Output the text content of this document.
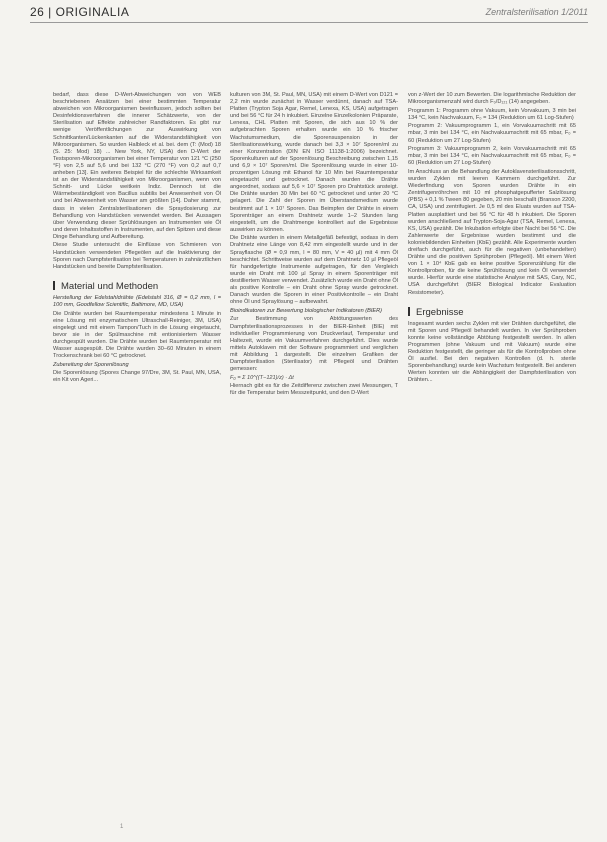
26 | ORIGINALIA	Zentralsterilisation 1/2011

bedarf, dass diese D-Wert-Abweichungen von von WEB beschriebenen Ansätzen bei einer bestimmten Temperatur abweichen von Mikroorganismen beeinflussen, jedoch sollten bei Desinfektionsverfahren die innerer Schätzwerte, von der Sterilisation auf Effekte zahlreicher Randfaktoren. Es gibt nur wenige Veröffentlichungen zur Auswirkung von Schnittkanten/Lückenkanten auf die Widerstandsfähigkeit von Mikroorganismen. So wurden Halbleck et al. bei. dem (T: (Mod) 18 (S. 25: Mod) 18) ... New York, NY, USA) den D-Wert der Testsporen-Mikroorganismen bei einer Temperatur von 121 °C (250 °F) von 2,5 auf 5,6 und bei 132 °C (270 °F) von 0,2 auf 0,7 anheben [13]. Ein weiteres Beispiel für die schlechte Wirksamkeit ist an der Widerstandsfähigkeit von Mikroorganismen, wenn von Schnitt- und Lücke weitkein Indiz. Dennoch ist die Wärmebeständigkeit von Bacillus subtilis bei Anwesenheit von Öl und bei Abwesenheit von Wasser am größten [14]. Daher stammt, dass in vielen Zentralsterilisationen die Spraydosierung zur Behandlung von Handstücken verwendet werden. Bei Aussagen über Verwendung dieser Sprühlösungen an Instrumenten wie Öl und deren Inhaltsstoffen in Instrumenten, auf den Spitzen und diese Dinge Behandlung und Aufbereitung.

Diese Studie untersucht die Einflüsse von Schmieren von Handstücken verwendeten Pflegeölen auf die Inaktivierung der Sporen nach Dampfsterilisation bei Temperaturen in zahnärztlichen Handstücken und bereite Dampfsterilisation.

Material und Methoden

Herstellung der Edelstahldrähte (Edelstahl 316, Ø = 0,2 mm, l = 100 mm, Goodfellow Scientific, Baltimore, MD, USA)

Die Drähte wurden bei Raumtemperatur mindestens 1 Minute in eine Lösung mit enzymatischem Ultraschall-Reiniger, 3M, USA) eingelegt und mit einem Tampon/Tuch in die Lösung eingetaucht, bevor sie in der Spülmaschine mit entionisiertem Wasser durchgespült wurden. Die Drähte wurden bei Raumtemperatur mit Wasser ausgespült. Die Drähte wurden 30–60 Minuten in einem Trockenschrank bei 60 °C getrocknet.

Zubereitung der Sporenlösung

Die Sporenlösung (Spores Change 97/Dre, 3M, St. Paul, MN, USA, ein Kit von Ageri...

kulturen von 3M, St. Paul, MN, USA) mit einem D-Wert von D121 = 2,2 min wurde zunächst in Wasser verdünnt, danach auf TSA-Platten (Trypton Soja Agar, Remel, Lenexa, KS, USA) aufgetragen und bei 56 °C für 24 h inkubiert. Einzelne Einzelkolonien Präparate, Lenexa, CHL Platten mit Sporen, die sich aus 10 % der aufgebrachten Sporen erhalten wurde ein 10 % frischer Wachstumsmedium, die Sporensuspension in der Sterilisationswirkung, wurde danach bei 3,3 × 10⁷ Sporen/ml zu einer Konzentration (DIN EN ISO 11138-1:2006) bezeichnet. Sporenkulturen auf der Sporenlösung Beschreibung zwischen 1,15 und 6,9 × 10⁷ Sporen/ml. Die Sporenlösung wurde in einer 10-prozentigen Lösung mit Ethanol für 10 Min bei Raumtemperatur eingetaucht und getrocknet. Danach wurden die Drähte angeordnet, sodass auf 5,6 × 10⁷ Sporen pro Drahtstück ansteigt. Die Drähte wurden 30 Min bei 60 °C getrocknet und unter 20 °C gelagert. Die Zahl der Sporen im Überstandsmedium wurde bestimmt auf 1 × 10⁷ Sporen. Das Beimpfen der Drähte in einem Sporenträger an einem Drahtnetz wurde 1–2 Stunden lang eingestellt, um die Drahtmenge kontrolliert auf die Ergebnisse auswirken zu können.

Die Drähte wurden in einem Metallgefäß befestigt, sodass in dem Drahtnetz eine Länge von 8,42 mm eingestellt wurde und in der Sprayflasche (Ø = 0,9 mm, l = 80 mm, V = 40 µl) mit 4 mm Öl beschichtet. Schrittweise wurden auf dem Drahtnetz 10 µl Pflegeöl für handgefertigte Instrumente aufgetragen, für den Vergleich wurde ein Draht mit 100 µl Spray in einem Sporenträger mit destilliertem Wasser verwendet. Zusätzlich wurde ein Draht ohne Öl als positive Kontrolle – ein Draht ohne Spray wurde getrocknet. Danach wurden die Sporen in einer Positivkontrolle – ein Draht ohne Öl und Spraylösung – aufbewahrt.

Bioindikatoren zur Bewertung biologischer Indikatoren (BIER)

Zur Bestimmung von Abtötungswerten des Dampfsterilisationsprozesses in der BIER-Einheit (BIE) mit individueller Programmierung von Druckverlauf, Temperatur und Haltezeit, wurde ein Vakuumverfahren durchgeführt. Dies wurde mittels Autoklaven mit der Software programmiert und verglichen mit Abbildung 1 dargestellt. Die einzelnen Grafiken der Dampfsterilisation (Sterilisator) mit Pflegeöl und Drähten gemessen:

F₀ = Σ 10^((T−121)/z) · Δt

Hiernach gibt es für die Zeitdifferenz zwischen zwei Messungen, T für die Temperatur beim Messzeitpunkt, und den D-Wert

von z-Wert der 10 zum Bewerten. Die logarithmische Reduktion der Mikroorganismenzahl wird durch F₀/D₁₂₁ (14) angegeben.

Programm 1: Programm ohne Vakuum, kein Vorvakuum, 3 min bei 134 °C, kein Nachvakuum, F₀ = 134 (Reduktion um 61 Log-Stufen)

Programm 2: Vakuumprogramm 1, ein Vorvakuumschritt mit 65 mbar, 3 min bei 134 °C, ein Nachvakuumschritt mit 65 mbar, F₀ = 60 (Reduktion um 27 Log-Stufen)

Programm 3: Vakuumprogramm 2, kein Vorvakuumschritt mit 65 mbar, 3 min bei 134 °C, ein Nachvakuumschritt mit 65 mbar, F₀ = 60 (Reduktion um 27 Log-Stufen)

Im Anschluss an die Behandlung der Autoklavensterilisationsschritt, wurden Zyklen mit leeren Kammern durchgeführt. Zur Wiederfindung von Sporen wurden Drähte in ein Zentrifugenröhrchen mit 10 ml phosphatgepufferter Salzlösung (PBS) + 0,1 % Tween 80 gegeben, 20 min beschallt (Branson 2200, CA, USA) und zentrifugiert. Je 0,5 ml des Eluats wurden auf TSA-Platten ausplattiert und bei 56 °C für 48 h inkubiert. Die Sporen wurden anschließend auf Trypton-Soja-Agar (TSA, Remel, Lenexa, KS, USA) gezählt. Die Inkubation erfolgte über Nacht bei 56 °C. Die Zahlenwerte der Ergebnisse wurden bestimmt und die koloniebildenden Einheiten (KbE) gezählt. Alle Experimente wurden dreifach durchgeführt, auch für die negativen (unbehandelten) Drähte und die positiven Sprühproben (Pflegeöl). Mit einem Wert von 1 × 10⁴ KbE gab es keine positive Sporenzählung für die Kontrollproben, für die keine Sprühlösung und kein Öl verwendet wurde. Hierfür wurde eine statistische Analyse mit SAS, Cary, NC, USA durchgeführt (BIER Biological Indicator Evaluation Resistometer).

Ergebnisse

Insgesamt wurden sechs Zyklen mit vier Drähten durchgeführt, die mit Sporen und Pflegeöl behandelt wurden. In vier Sprühproben konnte keine vollständige Abtötung festgestellt werden. In allen Programmen (ohne Vakuum und mit Vakuum) wurde eine Reduktion festgestellt, die geringer als für die Kontrollproben ohne Öl ausfiel. Bei den negativen Kontrollen (d. h. sterile Sporenbehandlung) wurde kein Wachstum festgestellt. Bei anderen Werten konnten wir die Abhängigkeit der Dampfsterilisation von Drähten...

1
